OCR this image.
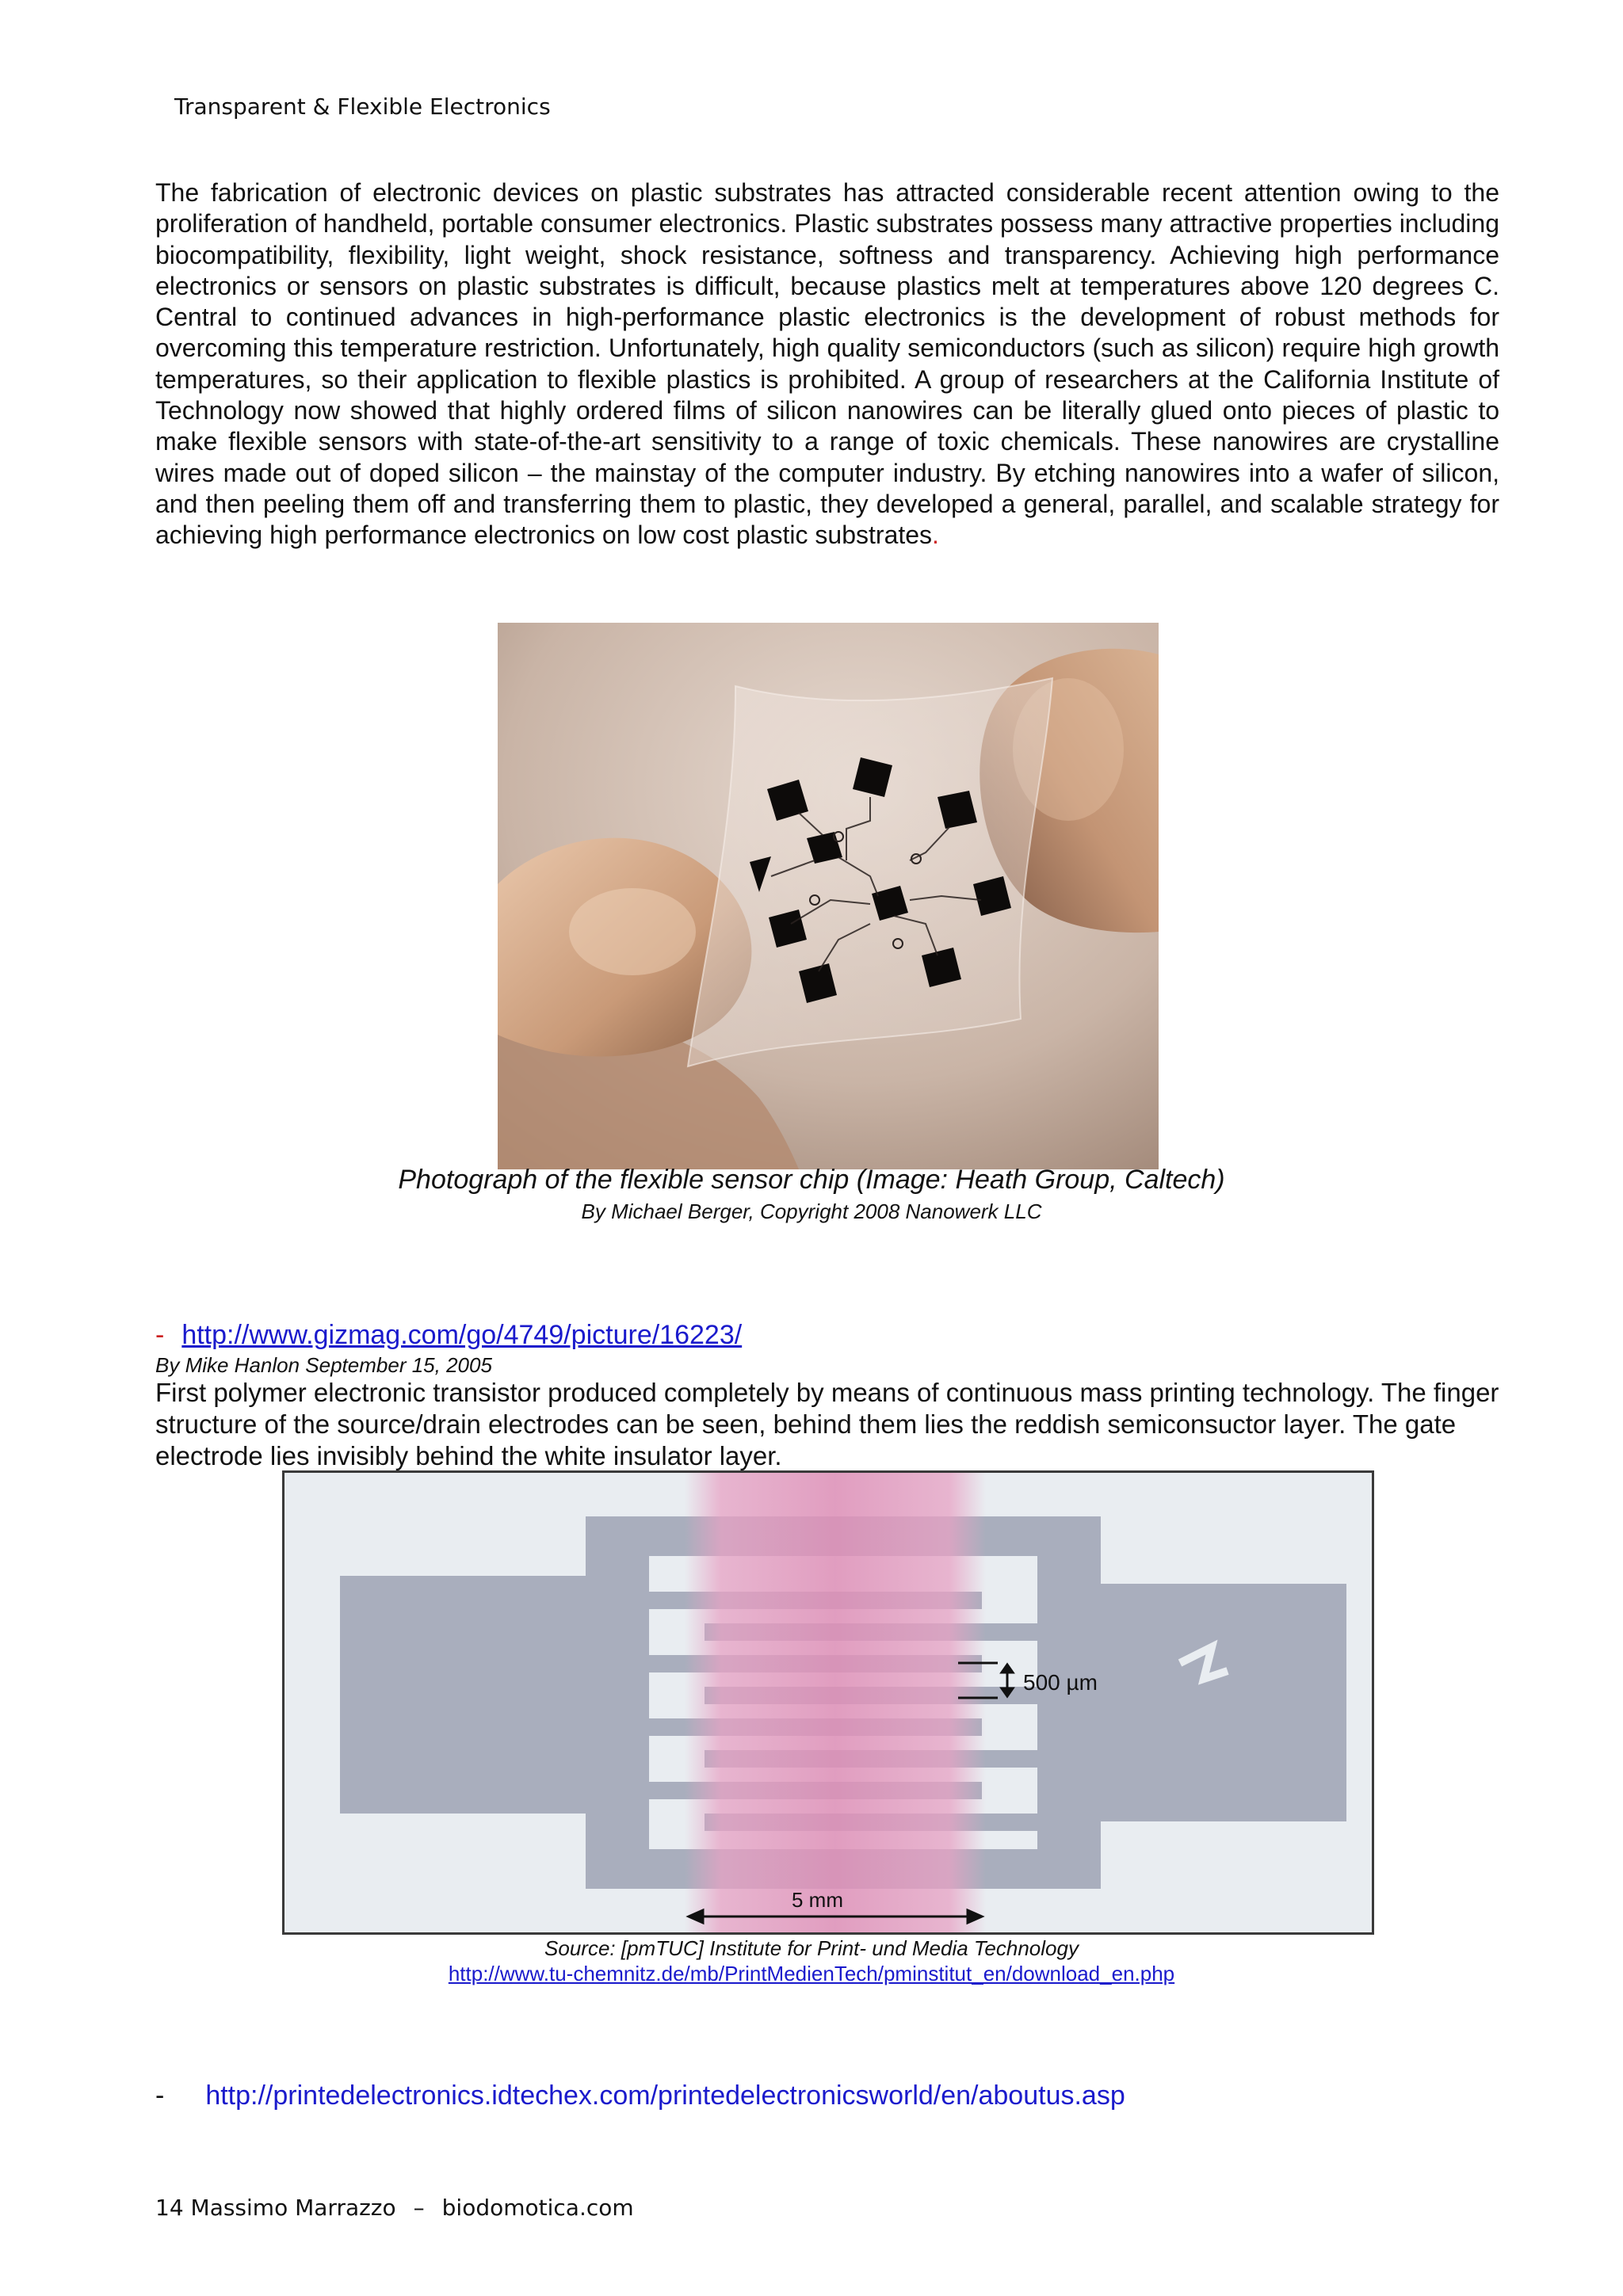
Transparent & Flexible Electronics

The fabrication of electronic devices on plastic substrates has attracted considerable recent attention owing to the proliferation of handheld, portable consumer electronics. Plastic substrates possess many attractive properties including biocompatibility, flexibility, light weight, shock resistance, softness and transparency. Achieving high performance electronics or sensors on plastic substrates is difficult, because plastics melt at temperatures above 120 degrees C. Central to continued advances in high-performance plastic electronics is the development of robust methods for overcoming this temperature restriction. Unfortunately, high quality semiconductors (such as silicon) require high growth temperatures, so their application to flexible plastics is prohibited. A group of researchers at the California Institute of Technology now showed that highly ordered films of silicon nanowires can be literally glued onto pieces of plastic to make flexible sensors with state-of-the-art sensitivity to a range of toxic chemicals. These nanowires are crystalline wires made out of doped silicon – the mainstay of the computer industry. By etching nanowires into a wafer of silicon, and then peeling them off and transferring them to plastic, they developed a general, parallel, and scalable strategy for achieving high performance electronics on low cost plastic substrates.

Photograph of the flexible sensor chip (Image: Heath Group, Caltech)
By Michael Berger, Copyright 2008 Nanowerk LLC
- http://www.gizmag.com/go/4749/picture/16223/
By Mike Hanlon September 15, 2005

First polymer electronic transistor produced completely by means of continuous mass printing technology. The finger structure of the source/drain electrodes can be seen, behind them lies the reddish semiconsuctor layer. The gate electrode lies invisibly behind the white insulator layer.

500 µm
5 mm
Source: [pmTUC] Institute for Print- und Media Technology
http://www.tu-chemnitz.de/mb/PrintMedienTech/pminstitut_en/download_en.php
- http://printedelectronics.idtechex.com/printedelectronicsworld/en/aboutus.asp
14 Massimo Marrazzo – biodomotica.com
